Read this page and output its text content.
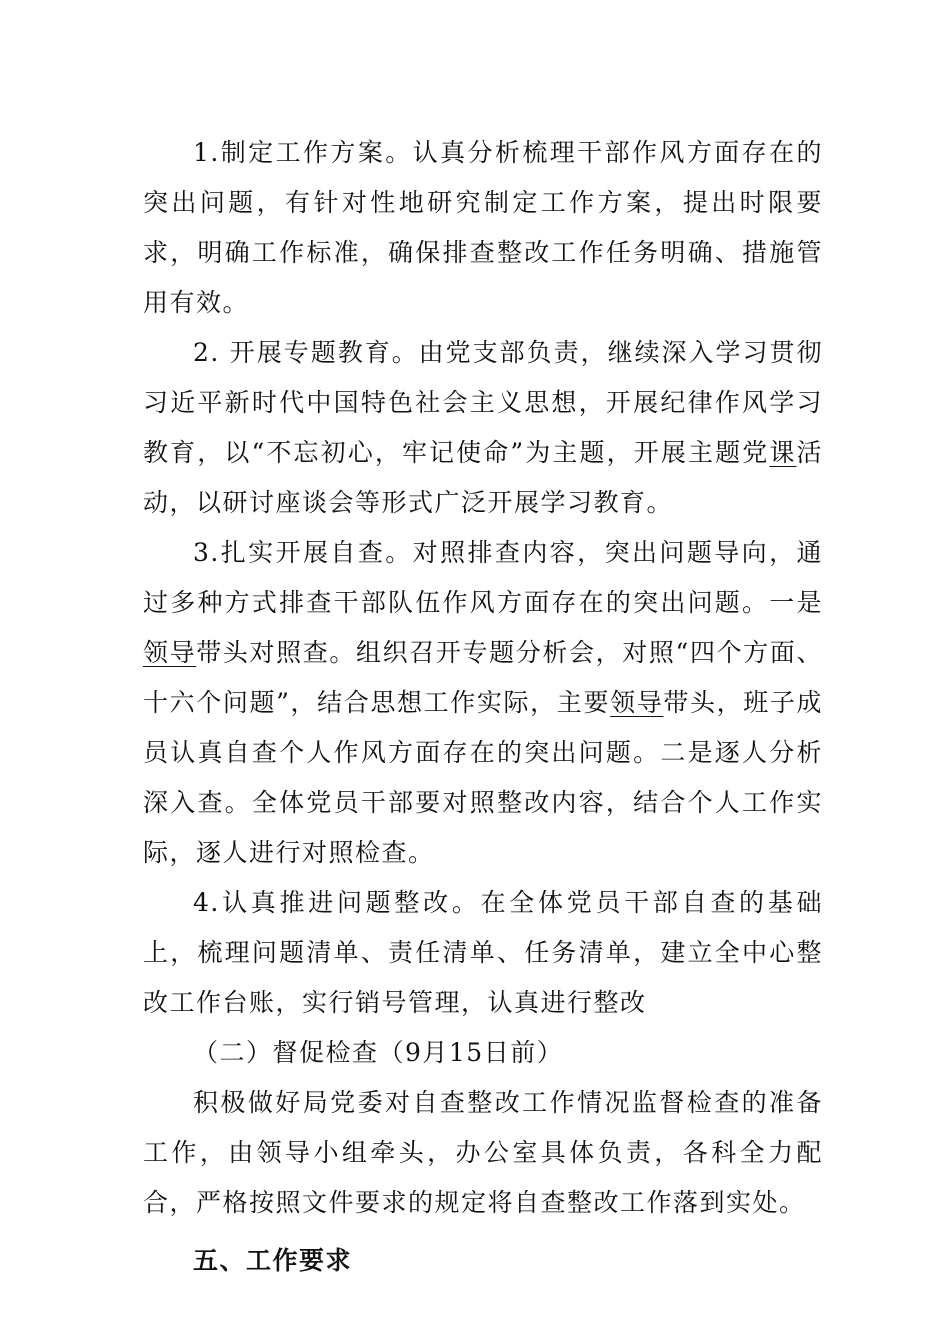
1.制定工作方案。认真分析梳理干部作风方面存在的突出问题，有针对性地研究制定工作方案，提出时限要求，明确工作标准，确保排查整改工作任务明确、措施管用有效。

2. 开展专题教育。由党支部负责，继续深入学习贯彻习近平新时代中国特色社会主义思想，开展纪律作风学习教育，以“不忘初心，牢记使命”为主题，开展主题党课活动，以研讨座谈会等形式广泛开展学习教育。

3.扎实开展自查。对照排查内容，突出问题导向，通过多种方式排查干部队伍作风方面存在的突出问题。一是领导带头对照查。组织召开专题分析会，对照“四个方面、十六个问题”，结合思想工作实际，主要领导带头，班子成员认真自查个人作风方面存在的突出问题。二是逐人分析深入查。全体党员干部要对照整改内容，结合个人工作实际，逐人进行对照检查。

4.认真推进问题整改。在全体党员干部自查的基础上，梳理问题清单、责任清单、任务清单，建立全中心整改工作台账，实行销号管理，认真进行整改

（二）督促检查（9月15日前）

积极做好局党委对自查整改工作情况监督检查的准备工作，由领导小组牵头，办公室具体负责，各科全力配合，严格按照文件要求的规定将自查整改工作落到实处。

五、工作要求
